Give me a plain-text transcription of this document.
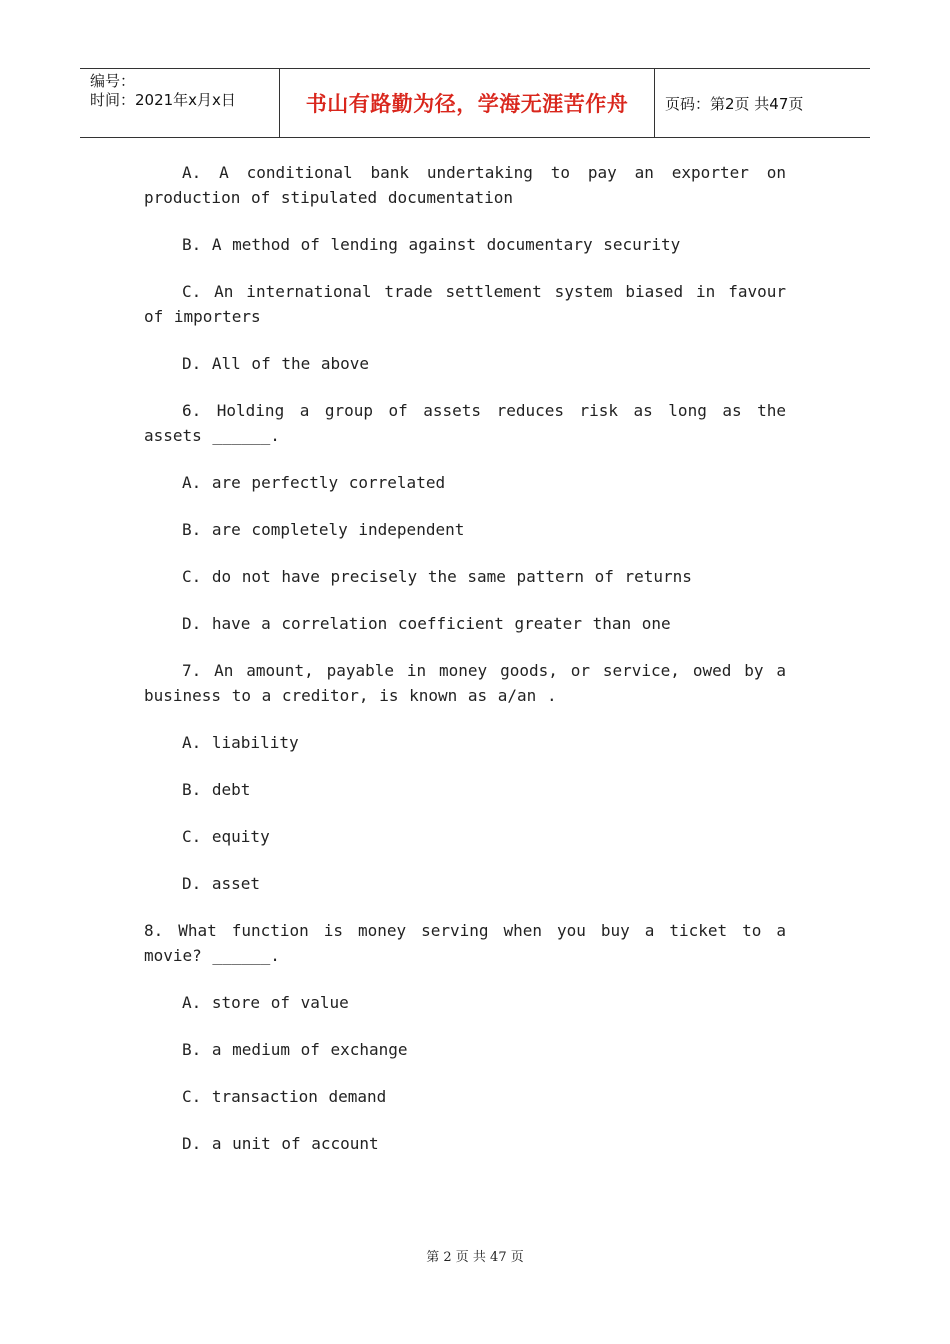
编号：
时间：2021年x月x日	书山有路勤为径，学海无涯苦作舟	页码：第2页 共47页

A. A conditional bank undertaking to pay an exporter on production of stipulated documentation

B. A method of lending against documentary security

C. An international trade settlement system biased in favour of importers

D. All of the above

6. Holding a group of assets reduces risk as long as the assets ______.

A. are perfectly correlated

B. are completely independent

C. do not have precisely the same pattern of returns

D. have a correlation coefficient greater than one

7. An amount, payable in money goods, or service, owed by a business to a creditor, is known as a/an .

A. liability

B. debt

C. equity

D. asset

8. What function is money serving when you buy a ticket to a movie? ______.

A. store of value

B. a medium of exchange

C. transaction demand

D. a unit of account

第 2 页 共 47 页
